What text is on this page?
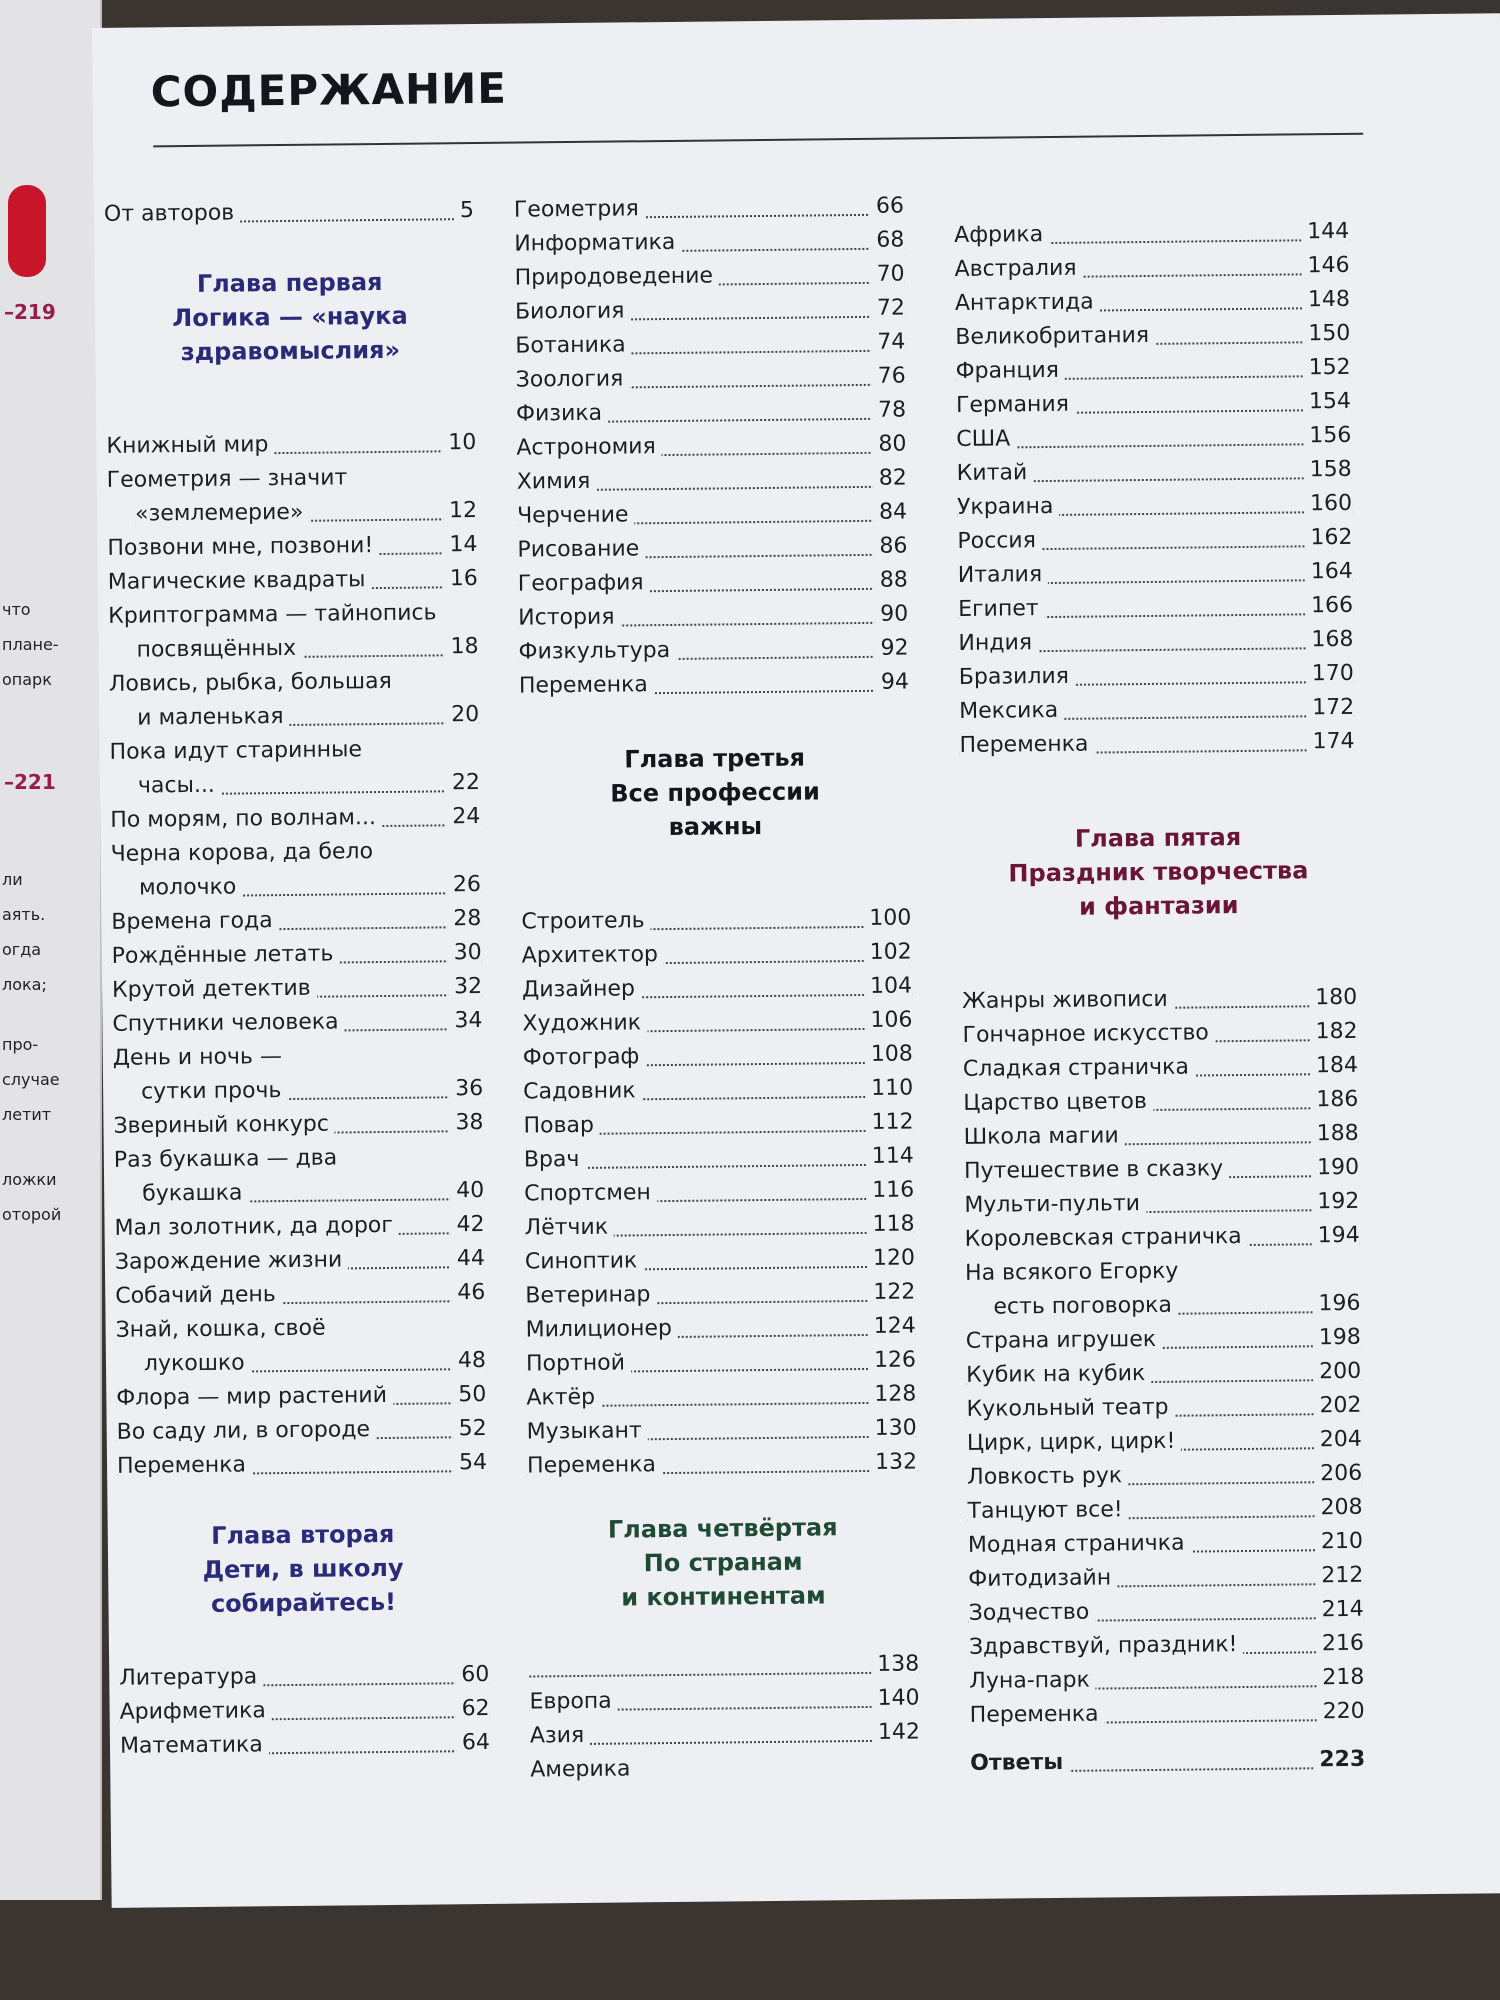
–219
что
плане-
опарк
–221
ли
аять.
огда
лока;
про-
случае
летит
ложки
оторой
СОДЕРЖАНИЕ
От авторов	5
Глава первая
Логика — «наука
здравомыслия»
Книжный мир	10
Геометрия — значит
«землемерие»	12
Позвони мне, позвони!	14
Магические квадраты	16
Криптограмма — тайнопись
посвящённых	18
Ловись, рыбка, большая
и маленькая	20
Пока идут старинные
часы...	22
По морям, по волнам...	24
Черна корова, да бело
молочко	26
Времена года	28
Рождённые летать	30
Крутой детектив	32
Спутники человека	34
День и ночь —
сутки прочь	36
Звериный конкурс	38
Раз букашка — два
букашка	40
Мал золотник, да дорог	42
Зарождение жизни	44
Собачий день	46
Знай, кошка, своё
лукошко	48
Флора — мир растений	50
Во саду ли, в огороде	52
Переменка	54
Глава вторая
Дети, в школу
собирайтесь!
Литература	60
Арифметика	62
Математика	64
Геометрия	66
Информатика	68
Природоведение	70
Биология	72
Ботаника	74
Зоология	76
Физика	78
Астрономия	80
Химия	82
Черчение	84
Рисование	86
География	88
История	90
Физкультура	92
Переменка	94
Глава третья
Все профессии
важны
Строитель	100
Архитектор	102
Дизайнер	104
Художник	106
Фотограф	108
Садовник	110
Повар	112
Врач	114
Спортсмен	116
Лётчик	118
Синоптик	120
Ветеринар	122
Милиционер	124
Портной	126
Актёр	128
Музыкант	130
Переменка	132
Глава четвёртая
По странам
и континентам
138
Европа	140
Азия	142
Америка
Африка	144
Австралия	146
Антарктида	148
Великобритания	150
Франция	152
Германия	154
США	156
Китай	158
Украина	160
Россия	162
Италия	164
Египет	166
Индия	168
Бразилия	170
Мексика	172
Переменка	174
Глава пятая
Праздник творчества
и фантазии
Жанры живописи	180
Гончарное искусство	182
Сладкая страничка	184
Царство цветов	186
Школа магии	188
Путешествие в сказку	190
Мульти-пульти	192
Королевская страничка	194
На всякого Егорку
есть поговорка	196
Страна игрушек	198
Кубик на кубик	200
Кукольный театр	202
Цирк, цирк, цирк!	204
Ловкость рук	206
Танцуют все!	208
Модная страничка	210
Фитодизайн	212
Зодчество	214
Здравствуй, праздник!	216
Луна-парк	218
Переменка	220
Ответы	223
